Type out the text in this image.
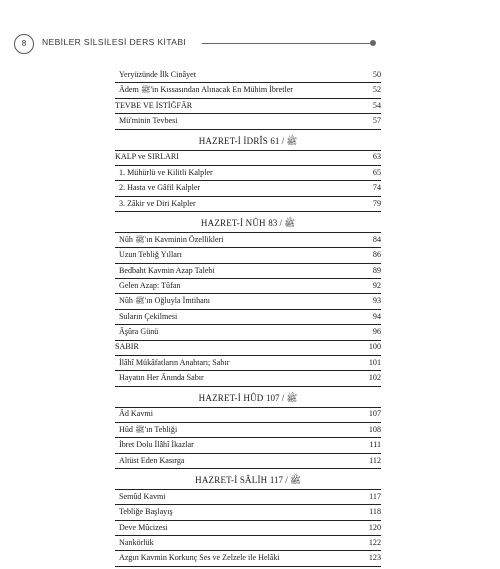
8	NEBİLER SİLSİLESİ DERS KİTABI
Yeryüzünde İlk Cinâyet	50
Âdem ﷺ'in Kıssasından Alınacak En Mühim İbretler	52
TEVBE VE İSTİĞFÂR	54
Mü'minin Tevbesi	57
HAZRET-İ İDRÎS ﷺ / 61
KALP ve SIRLARI	63
1. Mühürlü ve Kilitli Kalpler	65
2. Hasta ve Gâfil Kalpler	74
3. Zâkir ve Diri Kalpler	79
HAZRET-İ NÛH ﷺ / 83
Nûh ﷺ'ın Kavminin Özellikleri	84
Uzun Tebliğ Yılları	86
Bedbaht Kavmin Azap Talebi	89
Gelen Azap: Tûfan	92
Nûh ﷺ'ın Oğluyla İmtihanı	93
Suların Çekilmesi	94
Âşûra Günü	96
SABIR	100
İlâhî Mükâfatların Anahtarı; Sabır	101
Hayatın Her Ânında Sabır	102
HAZRET-İ HÛD ﷺ / 107
Âd Kavmi	107
Hûd ﷺ'ın Tebliği	108
İbret Dolu İlâhî İkazlar	111
Altüst Eden Kasırga	112
HAZRET-İ SÂLİH ﷺ / 117
Semûd Kavmi	117
Tebliğe Başlayış	118
Deve Mûcizesi	120
Nankörlük	122
Azgın Kavmin Korkunç Ses ve Zelzele ile Helâki	123
